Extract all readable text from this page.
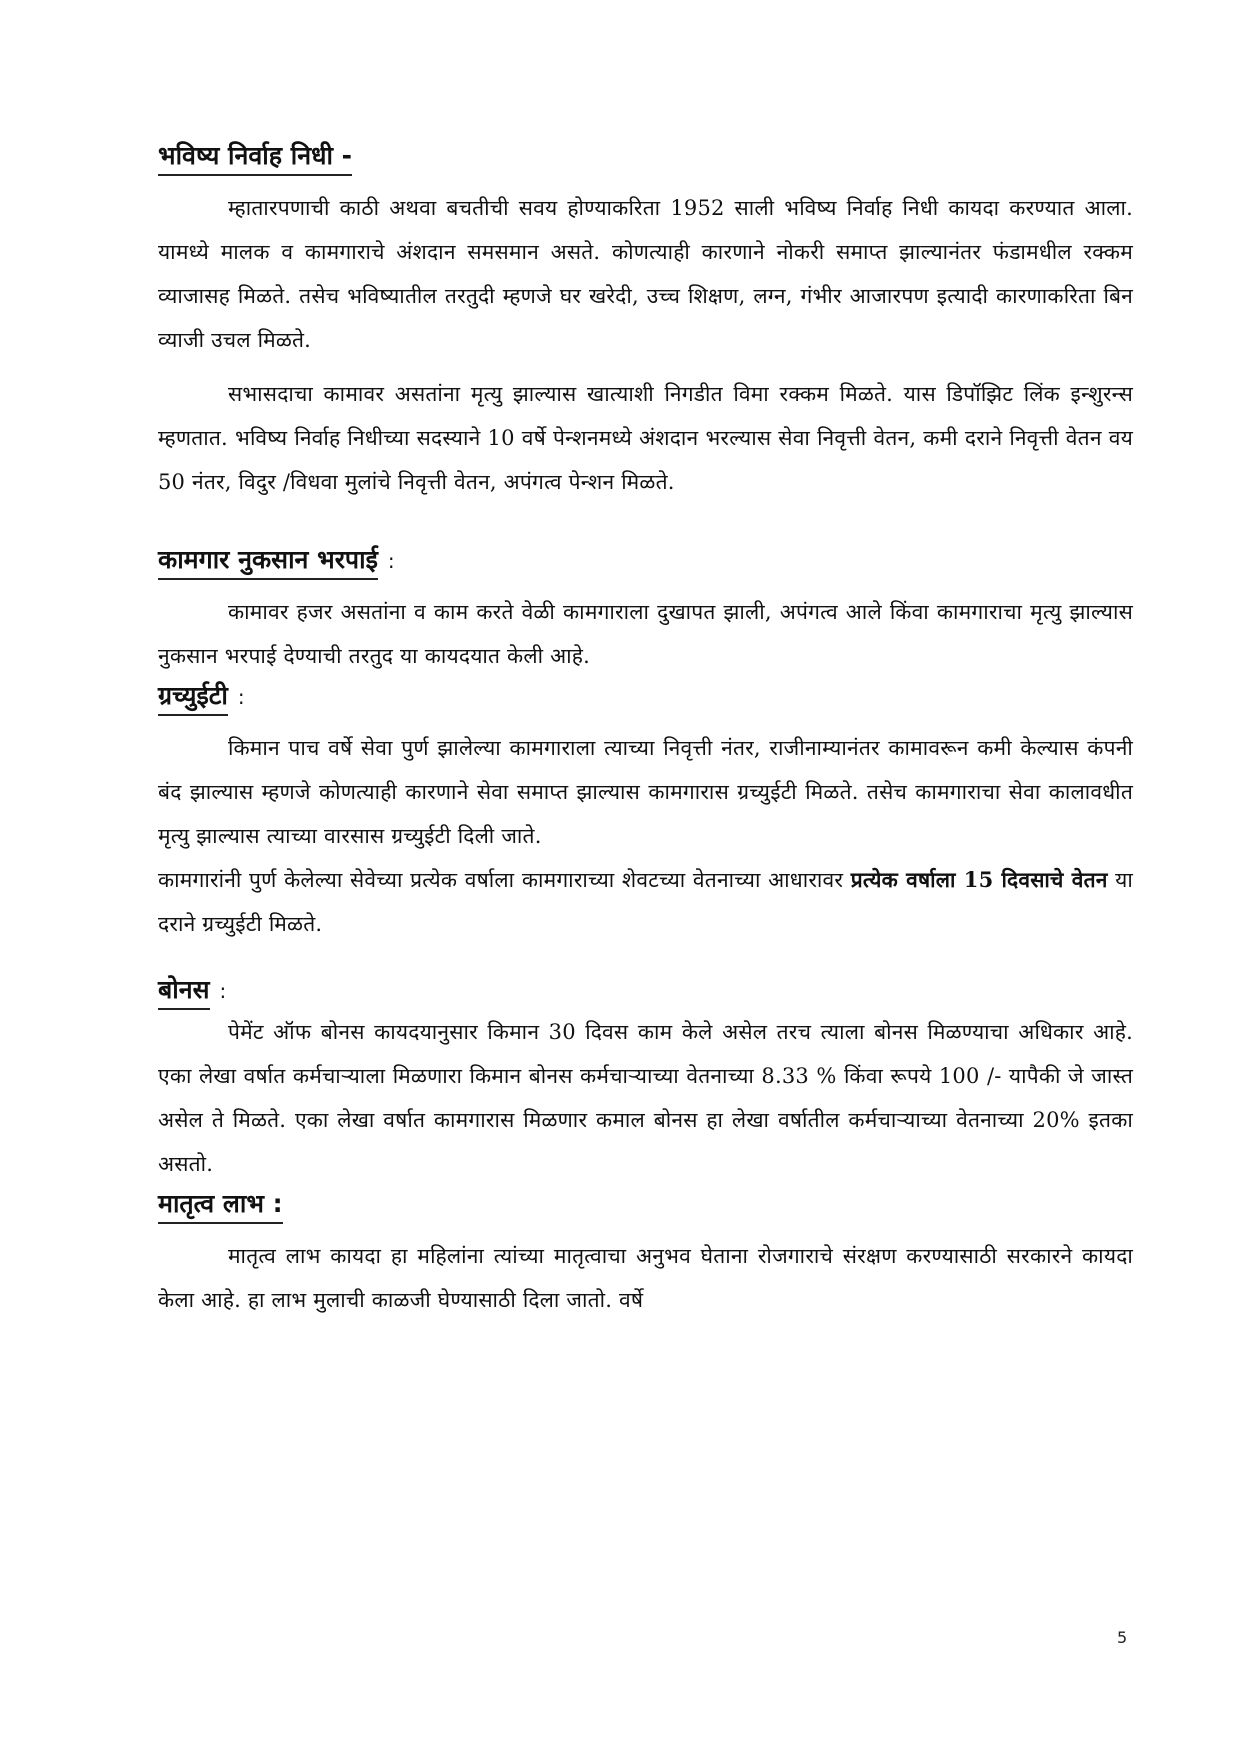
भविष्य निर्वाह निधी -

म्हातारपणाची काठी अथवा बचतीची सवय होण्याकरिता 1952 साली भविष्य निर्वाह निधी कायदा करण्यात आला. यामध्ये मालक व कामगाराचे अंशदान समसमान असते. कोणत्याही कारणाने नोकरी समाप्त झाल्यानंतर फंडामधील रक्कम व्याजासह मिळते. तसेच भविष्यातील तरतुदी म्हणजे घर खरेदी, उच्च शिक्षण, लग्न, गंभीर आजारपण इत्यादी कारणाकरिता बिन व्याजी उचल मिळते.

सभासदाचा कामावर असतांना मृत्यु झाल्यास खात्याशी निगडीत विमा रक्कम मिळते. यास डिपॉझिट लिंक इन्शुरन्स म्हणतात. भविष्य निर्वाह निधीच्या सदस्याने 10 वर्षे पेन्शनमध्ये अंशदान भरल्यास सेवा निवृत्ती वेतन, कमी दराने निवृत्ती वेतन वय 50 नंतर, विदुर /विधवा मुलांचे निवृत्ती वेतन, अपंगत्व पेन्शन मिळते.

कामगार नुकसान भरपाई :

कामावर हजर असतांना व काम करते वेळी कामगाराला दुखापत झाली, अपंगत्व आले किंवा कामगाराचा मृत्यु झाल्यास नुकसान भरपाई देण्याची तरतुद या कायदयात केली आहे.

ग्रच्युईटी :

किमान पाच वर्षे सेवा पुर्ण झालेल्या कामगाराला त्याच्या निवृत्ती नंतर, राजीनाम्यानंतर कामावरून कमी केल्यास कंपनी बंद झाल्यास म्हणजे कोणत्याही कारणाने सेवा समाप्त झाल्यास कामगारास ग्रच्युईटी मिळते. तसेच कामगाराचा सेवा कालावधीत मृत्यु झाल्यास त्याच्या वारसास ग्रच्युईटी दिली जाते.

कामगारांनी पुर्ण केलेल्या सेवेच्या प्रत्येक वर्षाला कामगाराच्या शेवटच्या वेतनाच्या आधारावर प्रत्येक वर्षाला 15 दिवसाचे वेतन या दराने ग्रच्युईटी मिळते.

बोनस :

पेमेंट ऑफ बोनस कायदयानुसार किमान 30 दिवस काम केले असेल तरच त्याला बोनस मिळण्याचा अधिकार आहे. एका लेखा वर्षात कर्मचाऱ्याला मिळणारा किमान बोनस कर्मचाऱ्याच्या वेतनाच्या 8.33 % किंवा रूपये 100 /- यापैकी जे जास्त असेल ते मिळते. एका लेखा वर्षात कामगारास मिळणार कमाल बोनस हा लेखा वर्षातील कर्मचाऱ्याच्या वेतनाच्या 20% इतका असतो.

मातृत्व लाभ :

मातृत्व लाभ कायदा हा महिलांना त्यांच्या मातृत्वाचा अनुभव घेताना रोजगाराचे संरक्षण करण्यासाठी सरकारने कायदा केला आहे. हा लाभ मुलाची काळजी घेण्यासाठी दिला जातो. वर्षे

5
